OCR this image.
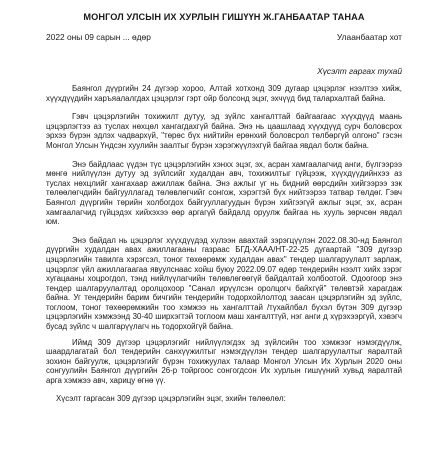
МОНГОЛ УЛСЫН ИХ ХУРЛЫН ГИШҮҮН Ж.ГАНБААТАР ТАНАА
2022 оны 09 сарын ... өдөр	Улаанбаатар хот
Хүсэлт гаргах тухай

Баянгол дүүргийн 24 дүгээр хороо, Алтай хотхонд 309 дугаар цэцэрлэг нээлтээ хийж, хүүхдүүдийн харъяалалгдах цэцэрлэг гэрт ойр болсонд эцэг, эхчүүд бид талархалтай байна.

Гэвч цэцэрлэгийн тохижилт дутуу, эд зүйлс хангалттай байгаагаас хүүхдүүд маань цэцэрлэгтээ аз туслах нөхцөл хангагдахгүй байна. Энэ нь цаашлаад хүүхдүүд сурч боловсрох эрхээ бүрэн эдлэх чадвархүй, "төрөс бүх нийтийн ерөнхий боловсрол төлбөргүй олгоно" гэсэн Монгол Улсын Үндсэн хуулийн заалтыг бүрэн хэрэгжүүлэхгүй байгаа явдал болж байна.

Энэ байдлаас үүдэн түс цэцэрлэгийн хэнхх эцэг, эх, асран хамгаалагчид анги, бүлгээрээ мөнгө нийлүүлэн дутуу эд зүйлсийг худалдан авч, тохижилтыг гүйцээж, хүүхдүүдийнхээ аз туслах нөхцлийг хангахаар ажиллаж байна. Энэ ажлыг үг нь бидний өөрсдийн хийгээрээ зэк төлөөлөгчдийн байгууллагад төлөвлөгчийг сонгож, хэрэгтэй бүх нийтээрээ татвар төлдөг. Гэвч Баянгол дүүргийн төрийн холбогдох байгууллагуудын бүрэн хийгээгүй ажлыг эцэг, эх, асран хамгаалагчид гүйцэдэх хийхэхээ өөр аргагүй байдалд оруулж байгаа нь хууль зөрчсөн явдал юм.

Энэ байдал нь цэцэрлэг хүүхдүүдэд хүлээн авахтай зэрэгцүүлэн 2022.08.30-нд Баянгол дүүргийн худалдан авах ажиллагааны газраас БГД-ХААА/НТ-22-25 дугаартай "309 дүгээр цэцэрлэгийн тавилга хэрэгсэл, тоног төхөөрөмж худалдан авах" тендер шалгаруулалт зарлаж, цэцэрлэг үйл ажиллагаагаа явуулснаас хойш буюу 2022.09.07 өдөр тендерийн нээлт хийх зэрэг хугацааны хоцрогдол, тэнд нийлүүлагчийн төлөвлөгөөгүй байдалтай холбоотой. Одоогоор энэ тендер шалгаруулалтад оролцохоор "Санал ирүүлсэн оролцогч байхгүй" төлөвтэй харагдаж байна. Уг тендерийн барим бичгийн тендерийн тодорхойлолтод заасан цэцэрлэгийн эд зүйлс, тоглоом, тоног төхөөрөмжийн тоо хэмжээ нь хангалттай /түхайлбал бүхэл бүтэн 309 дүгээр цэцэрлэгийн хэмжээнд 30-40 ширхэгтэй тоглоом маш хангалттүй, нэг анги д хүрэхээргүй, хэвэгч бусад зүйлс ч шалгарүүлагч нь тодорхойгүй байна.

Иймд 309 дүгээр цэцэрлэгийг нийлүүлэгдэх эд зүйлсийн тоо хэмжээг нэмэгдүүлж, шаардлагатай бол тендерийн санхүүжилтыг нэмэгдүүлэн тендер шалгаруулалтыг яаралтай зохион байгуулж, цэцэрлэгийг бүрэн тохижуулах талаар Монгол Улсын Их Хурлын 2020 оны сонгуулийн Баянгол дүүргийн 26-р тойргоос сонгогдсон Их хурлын гишүүний хувьд яаралтай арга хэмжээ авч, харицу өгнө үү.

Хүсэлт гаргасан 309 дүгээр цэцэрлэгийн эцэг, эхийн төлөөлөл:
